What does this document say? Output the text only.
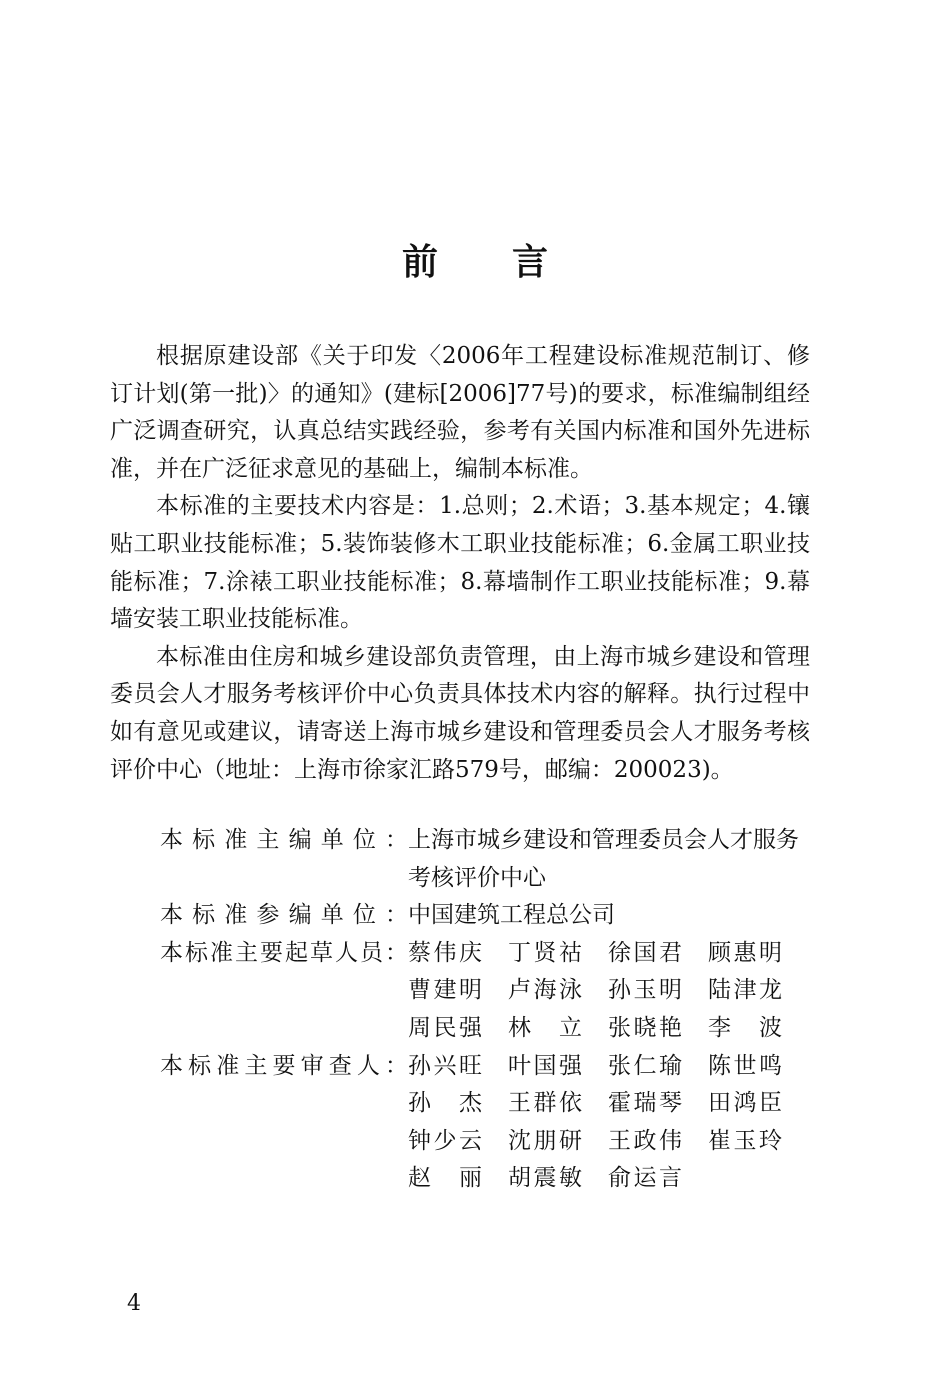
前言

根据原建设部《关于印发〈2006年工程建设标准规范制订、修订计划(第一批)〉的通知》(建标[2006]77号)的要求，标准编制组经广泛调查研究，认真总结实践经验，参考有关国内标准和国外先进标准，并在广泛征求意见的基础上，编制本标准。

本标准的主要技术内容是：1.总则；2.术语；3.基本规定；4.镶贴工职业技能标准；5.装饰装修木工职业技能标准；6.金属工职业技能标准；7.涂裱工职业技能标准；8.幕墙制作工职业技能标准；9.幕墙安装工职业技能标准。

本标准由住房和城乡建设部负责管理，由上海市城乡建设和管理委员会人才服务考核评价中心负责具体技术内容的解释。执行过程中如有意见或建议，请寄送上海市城乡建设和管理委员会人才服务考核评价中心（地址：上海市徐家汇路579号，邮编：200023)。

本标准主编单位： 上海市城乡建设和管理委员会人才服务考核评价中心
本标准参编单位： 中国建筑工程总公司
本标准主要起草人员： 蔡伟庆 丁贤祜 徐国君 顾惠明
曹建明 卢海泳 孙玉明 陆津龙
周民强 林立 张晓艳 李波
本标准主要审查人： 孙兴旺 叶国强 张仁瑜 陈世鸣
孙杰 王群依 霍瑞琴 田鸿臣
钟少云 沈朋研 王政伟 崔玉玲
赵丽 胡震敏 俞运言
4
